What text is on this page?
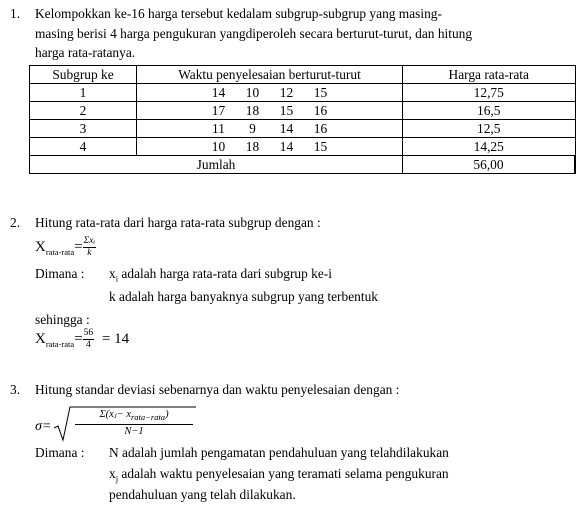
1. Kelompokkan ke-16 harga tersebut kedalam subgrup-subgrup yang masing-
masing berisi 4 harga pengukuran yangdiperoleh secara berturut-turut, dan hitung
harga rata-ratanya.
Subgrup ke	Waktu penyelesaian berturut-turut	Harga rata-rata
1	14 10 12 15	12,75
2	17 18 15 16	16,5
3	11 9 14 16	12,5
4	10 18 14 15	14,25
Jumlah		56,00
2. Hitung rata-rata dari harga rata-rata subgrup dengan :
$X_{rata-rata}= \frac{\text{Σxᵢ}}{k}$
Dimana : $x_i$ adalah harga rata-rata dari subgrup ke-i
k adalah harga banyaknya subgrup yang terbentuk
sehingga :
$X_{rata-rata}= \frac{56}{4} = 14$
3. Hitung standar deviasi sebenarnya dan waktu penyelesaian dengan :
σ=
Σ(xⱼ− $x_{rata-rata}$)
N−1
Dimana : N adalah jumlah pengamatan pendahuluan yang telahdilakukan
$x_j$ adalah waktu penyelesaian yang teramati selama pengukuran
pendahuluan yang telah dilakukan.
